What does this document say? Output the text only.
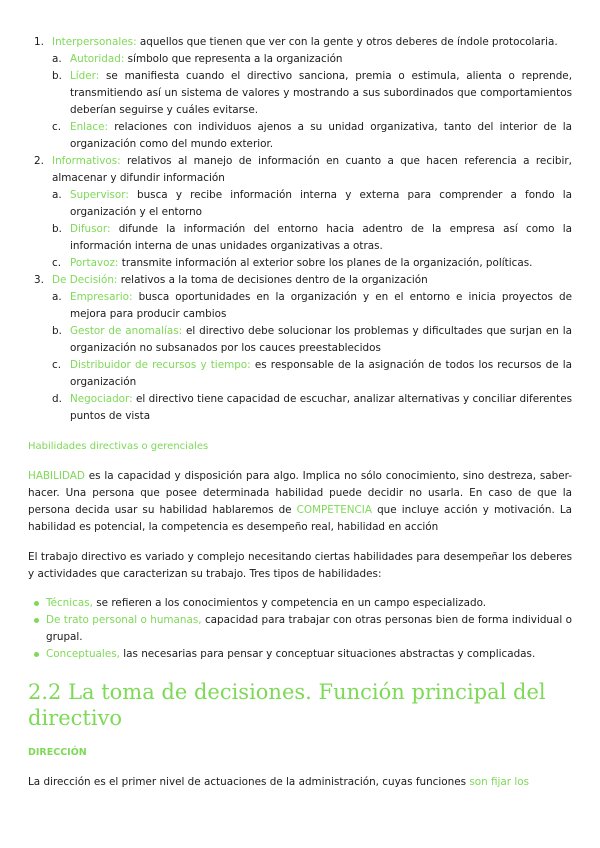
1. Interpersonales: aquellos que tienen que ver con la gente y otros deberes de índole protocolaria.
a. Autoridad: símbolo que representa a la organización
b. Líder: se manifiesta cuando el directivo sanciona, premia o estimula, alienta o reprende, transmitiendo así un sistema de valores y mostrando a sus subordinados que comportamientos deberían seguirse y cuáles evitarse.
c. Enlace: relaciones con individuos ajenos a su unidad organizativa, tanto del interior de la organización como del mundo exterior.
2. Informativos: relativos al manejo de información en cuanto a que hacen referencia a recibir, almacenar y difundir información
a. Supervisor: busca y recibe información interna y externa para comprender a fondo la organización y el entorno
b. Difusor: difunde la información del entorno hacia adentro de la empresa así como la información interna de unas unidades organizativas a otras.
c. Portavoz: transmite información al exterior sobre los planes de la organización, políticas.
3. De Decisión: relativos a la toma de decisiones dentro de la organización
a. Empresario: busca oportunidades en la organización y en el entorno e inicia proyectos de mejora para producir cambios
b. Gestor de anomalías: el directivo debe solucionar los problemas y dificultades que surjan en la organización no subsanados por los cauces preestablecidos
c. Distribuidor de recursos y tiempo: es responsable de la asignación de todos los recursos de la organización
d. Negociador: el directivo tiene capacidad de escuchar, analizar alternativas y conciliar diferentes puntos de vista
Habilidades directivas o gerenciales
HABILIDAD es la capacidad y disposición para algo. Implica no sólo conocimiento, sino destreza, saber-hacer. Una persona que posee determinada habilidad puede decidir no usarla. En caso de que la persona decida usar su habilidad hablaremos de COMPETENCIA que incluye acción y motivación. La habilidad es potencial, la competencia es desempeño real, habilidad en acción
El trabajo directivo es variado y complejo necesitando ciertas habilidades para desempeñar los deberes y actividades que caracterizan su trabajo. Tres tipos de habilidades:
Técnicas, se refieren a los conocimientos y competencia en un campo especializado.
De trato personal o humanas, capacidad para trabajar con otras personas bien de forma individual o grupal.
Conceptuales, las necesarias para pensar y conceptuar situaciones abstractas y complicadas.
2.2 La toma de decisiones. Función principal del directivo
DIRECCIÓN
La dirección es el primer nivel de actuaciones de la administración, cuyas funciones son fijar los
